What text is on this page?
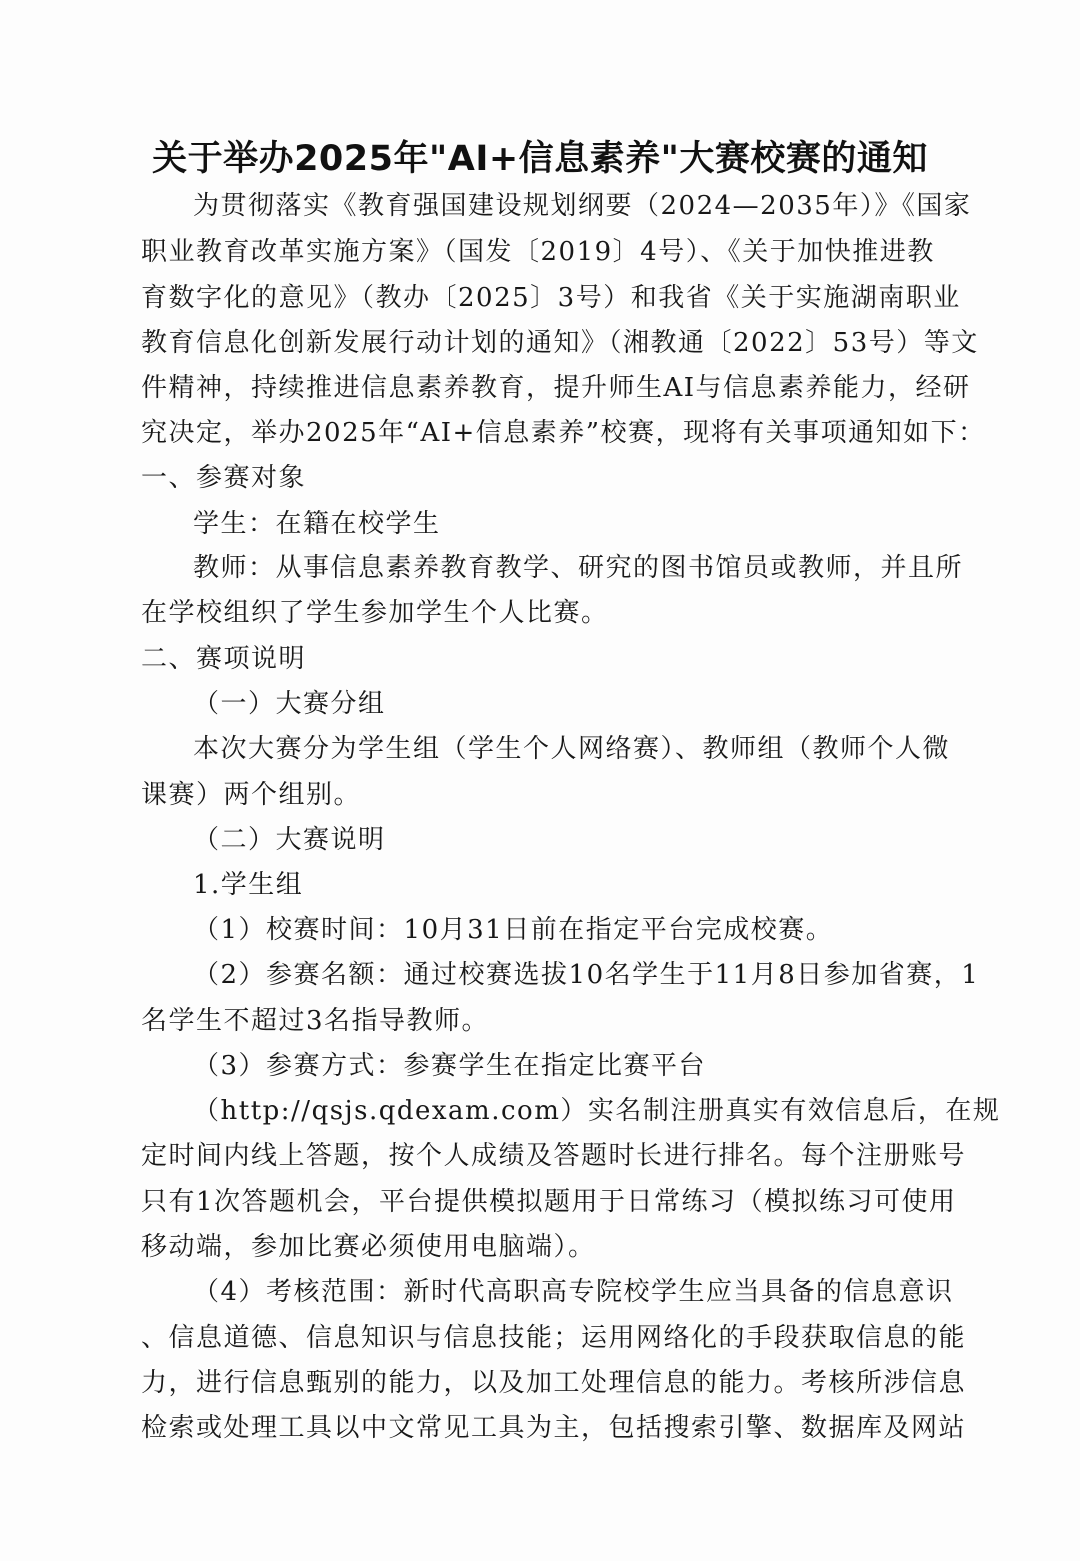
关于举办2025年"AI+信息素养"大赛校赛的通知
为贯彻落实《教育强国建设规划纲要（2024—2035年）》《国家
职业教育改革实施方案》（国发〔2019〕4号）、《关于加快推进教
育数字化的意见》（教办〔2025〕3号）和我省《关于实施湖南职业
教育信息化创新发展行动计划的通知》（湘教通〔2022〕53号）等文
件精神，持续推进信息素养教育，提升师生AI与信息素养能力，经研
究决定，举办2025年“AI+信息素养”校赛，现将有关事项通知如下：
一、参赛对象
学生：在籍在校学生
教师：从事信息素养教育教学、研究的图书馆员或教师，并且所
在学校组织了学生参加学生个人比赛。
二、赛项说明
（一）大赛分组
本次大赛分为学生组（学生个人网络赛）、教师组（教师个人微
课赛）两个组别。
（二）大赛说明
1.学生组
（1）校赛时间：10月31日前在指定平台完成校赛。
（2）参赛名额：通过校赛选拔10名学生于11月8日参加省赛，1
名学生不超过3名指导教师。
（3）参赛方式：参赛学生在指定比赛平台
（http://qsjs.qdexam.com）实名制注册真实有效信息后，在规
定时间内线上答题，按个人成绩及答题时长进行排名。每个注册账号
只有1次答题机会，平台提供模拟题用于日常练习（模拟练习可使用
移动端，参加比赛必须使用电脑端）。
（4）考核范围：新时代高职高专院校学生应当具备的信息意识
、信息道德、信息知识与信息技能；运用网络化的手段获取信息的能
力，进行信息甄别的能力，以及加工处理信息的能力。考核所涉信息
检索或处理工具以中文常见工具为主，包括搜索引擎、数据库及网站
